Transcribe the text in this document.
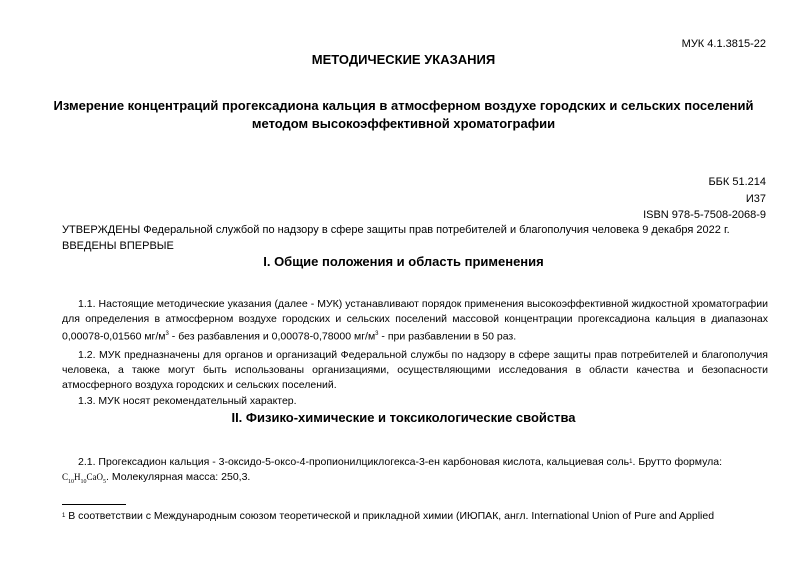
МУК 4.1.3815-22
МЕТОДИЧЕСКИЕ УКАЗАНИЯ
Измерение концентраций прогексадиона кальция в атмосферном воздухе городских и сельских поселений методом высокоэффективной хроматографии
ББК 51.214
И37
ISBN 978-5-7508-2068-9
УТВЕРЖДЕНЫ Федеральной службой по надзору в сфере защиты прав потребителей и благополучия человека 9 декабря 2022 г.
ВВЕДЕНЫ ВПЕРВЫЕ
I. Общие положения и область применения
1.1. Настоящие методические указания (далее - МУК) устанавливают порядок применения высокоэффективной жидкостной хроматографии для определения в атмосферном воздухе городских и сельских поселений массовой концентрации прогексадиона кальция в диапазонах 0,00078-0,01560 $мг/м^3$ - без разбавления и 0,00078-0,78000 $мг/м^3$ - при разбавлении в 50 раз.
1.2. МУК предназначены для органов и организаций Федеральной службы по надзору в сфере защиты прав потребителей и благополучия человека, а также могут быть использованы организациями, осуществляющими исследования в области качества и безопасности атмосферного воздуха городских и сельских поселений.
1.3. МУК носят рекомендательный характер.
II. Физико-химические и токсикологические свойства
2.1. Прогексадион кальция - 3-оксидо-5-оксо-4-пропионилциклогекса-3-ен карбоновая кислота, кальциевая соль1. Брутто формула:
$C_{10}H_{10}CaO_5$. Молекулярная масса: 250,3.
1 В соответствии с Международным союзом теоретической и прикладной химии (ИЮПАК, англ. International Union of Pure and Applied
